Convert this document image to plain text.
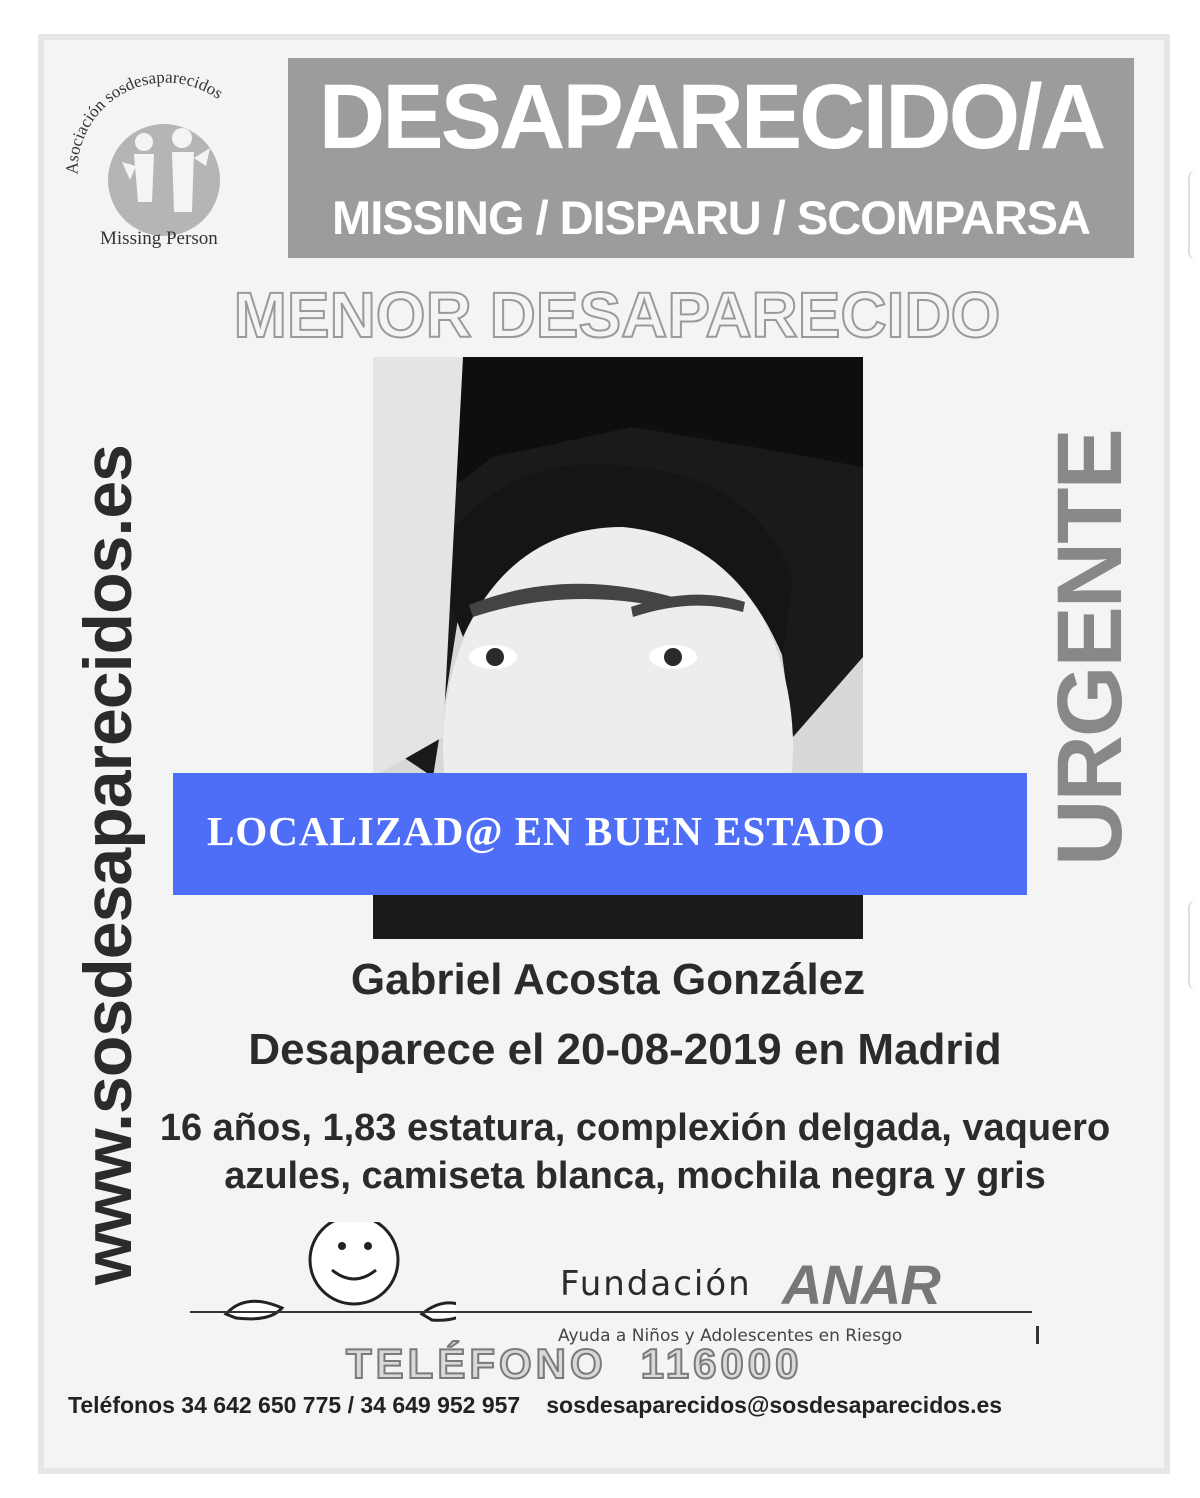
Asociación sosdesaparecidos
Missing Person
DESAPARECIDO/A
MISSING / DISPARU / SCOMPARSA
MENOR DESAPARECIDO
www.sosdesaparecidos.es	URGENTE
LOCALIZAD@ EN BUEN ESTADO
Gabriel Acosta González
Desaparece el 20-08-2019 en Madrid
16 años, 1,83 estatura, complexión delgada, vaquero
azules, camiseta blanca, mochila negra y gris
Fundación ANAR
Ayuda a Niños y Adolescentes en Riesgo
TELÉFONO 116000
Teléfonos 34 642 650 775 / 34 649 952 957 sosdesaparecidos@sosdesaparecidos.es
